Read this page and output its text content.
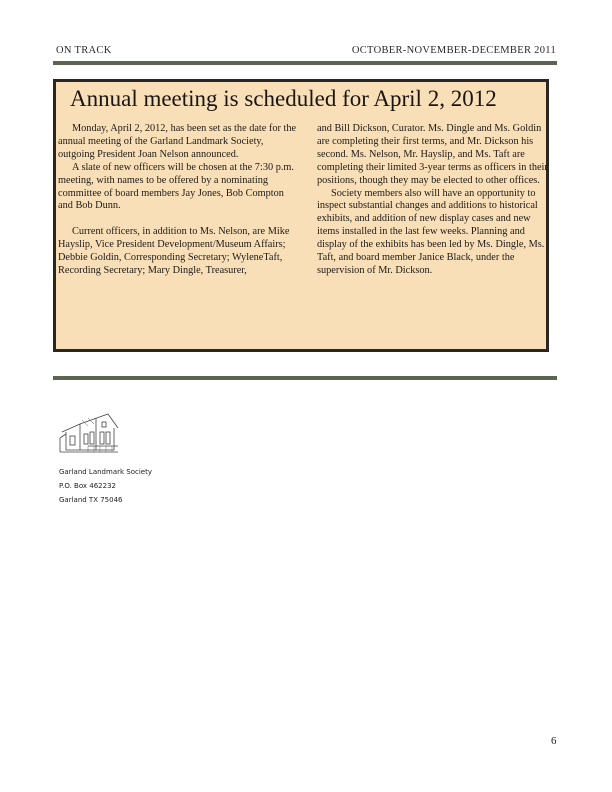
ON TRACK	OCTOBER-NOVEMBER-DECEMBER 2011
Annual meeting is scheduled for April 2, 2012

Monday, April 2, 2012, has been set as the date for the annual meeting of the Garland Landmark Society, outgoing President Joan Nelson announced.

A slate of new officers will be chosen at the 7:30 p.m. meeting, with names to be offered by a nominating committee of board members Jay Jones, Bob Compton and Bob Dunn.

Current officers, in addition to Ms. Nelson, are Mike Hayslip, Vice President Development/Museum Affairs; Debbie Goldin, Corresponding Secretary; WyleneTaft, Recording Secretary; Mary Dingle, Treasurer,

and Bill Dickson, Curator. Ms. Dingle and Ms. Goldin are completing their first terms, and Mr. Dickson his second. Ms. Nelson, Mr. Hayslip, and Ms. Taft are completing their limited 3-year terms as officers in their positions, though they may be elected to other offices.

Society members also will have an opportunity to inspect substantial changes and additions to historical exhibits, and addition of new display cases and new items installed in the last few weeks. Planning and display of the exhibits has been led by Ms. Dingle, Ms. Taft, and board member Janice Black, under the supervision of Mr. Dickson.

Garland Landmark Society
P.O. Box 462232
Garland TX 75046
6
